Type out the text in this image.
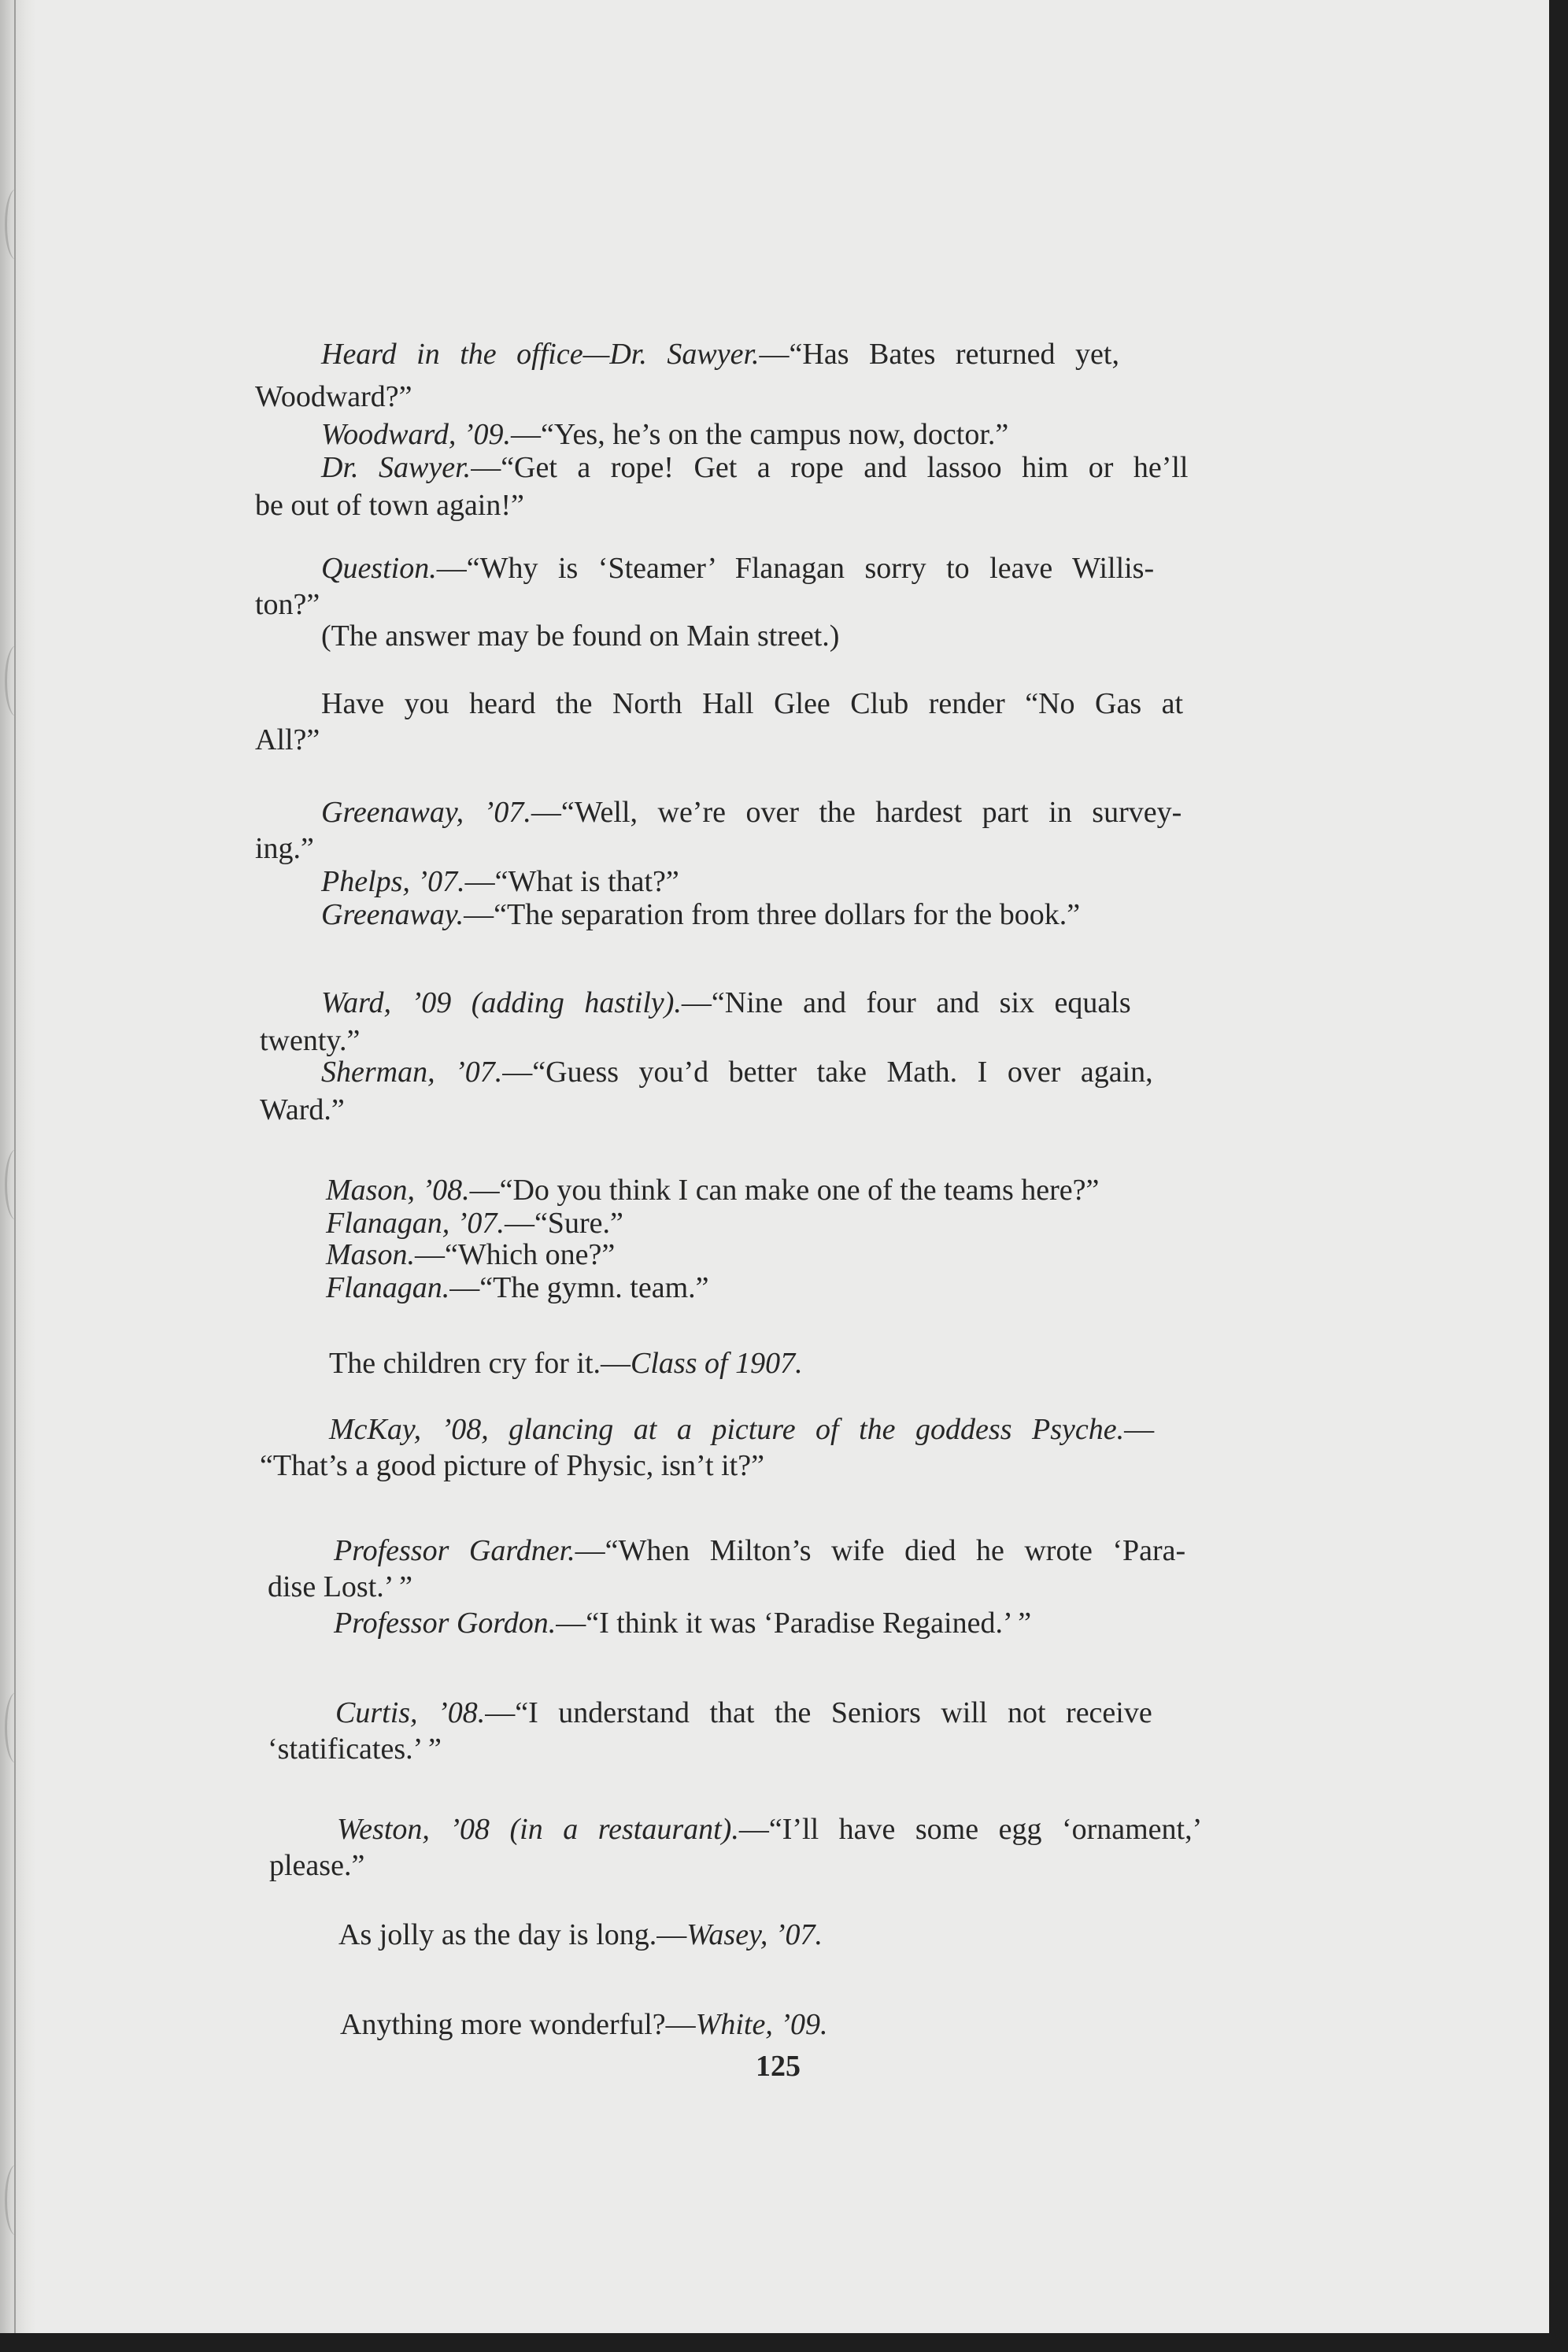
Heard in the office—Dr. Sawyer.—“Has Bates returned yet,
Woodward?”
Woodward, ’09.—“Yes, he’s on the campus now, doctor.”
Dr. Sawyer.—“Get a rope! Get a rope and lassoo him or he’ll
be out of town again!”
Question.—“Why is ‘Steamer’ Flanagan sorry to leave Willis-
ton?”
(The answer may be found on Main street.)
Have you heard the North Hall Glee Club render “No Gas at
All?”
Greenaway, ’07.—“Well, we’re over the hardest part in survey-
ing.”
Phelps, ’07.—“What is that?”
Greenaway.—“The separation from three dollars for the book.”
Ward, ’09 (adding hastily).—“Nine and four and six equals
twenty.”
Sherman, ’07.—“Guess you’d better take Math. I over again,
Ward.”
Mason, ’08.—“Do you think I can make one of the teams here?”
Flanagan, ’07.—“Sure.”
Mason.—“Which one?”
Flanagan.—“The gymn. team.”
The children cry for it.—Class of 1907.
McKay, ’08, glancing at a picture of the goddess Psyche.—
“That’s a good picture of Physic, isn’t it?”
Professor Gardner.—“When Milton’s wife died he wrote ‘Para-
dise Lost.’ ”
Professor Gordon.—“I think it was ‘Paradise Regained.’ ”
Curtis, ’08.—“I understand that the Seniors will not receive
‘statificates.’ ”
Weston, ’08 (in a restaurant).—“I’ll have some egg ‘ornament,’
please.”
As jolly as the day is long.—Wasey, ’07.
Anything more wonderful?—White, ’09.
125
